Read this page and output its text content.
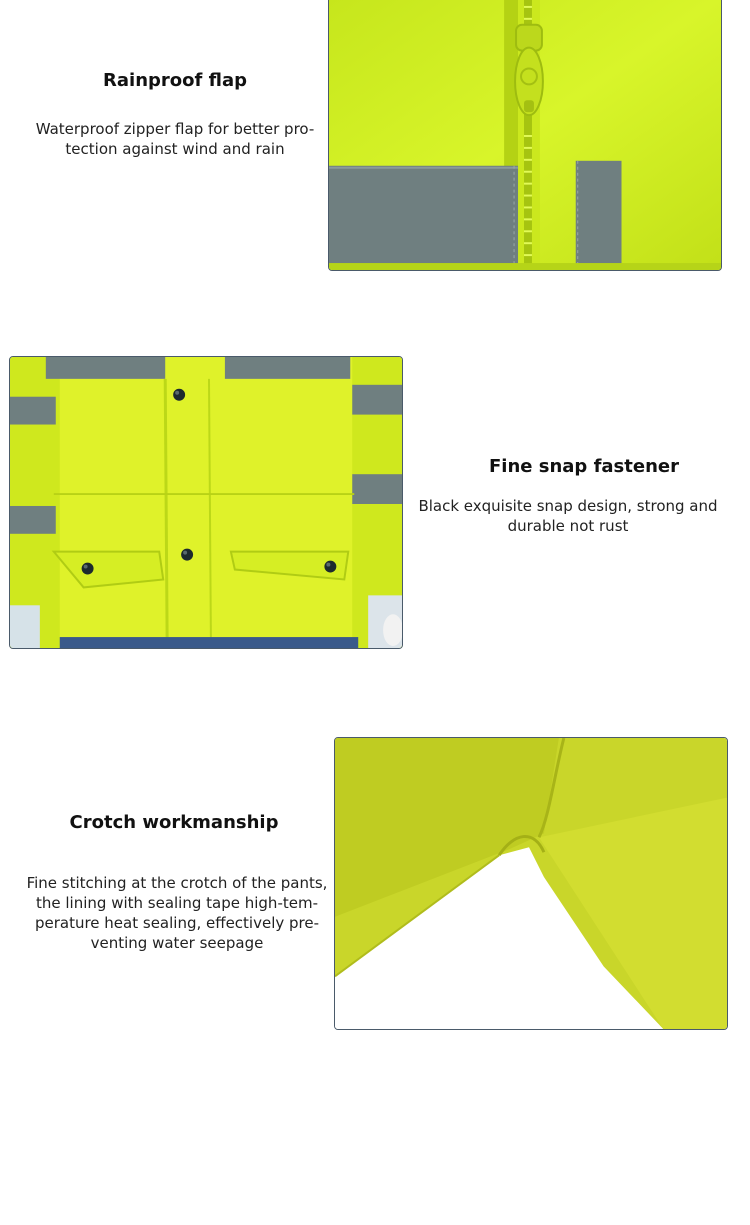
Rainproof flap

Waterproof zipper flap for better pro-
tection against wind and rain

Fine snap fastener

Black exquisite snap design, strong and
durable not rust

Crotch workmanship

Fine stitching at the crotch of the pants,
the lining with sealing tape high-tem-
perature heat sealing, effectively pre-
venting water seepage
